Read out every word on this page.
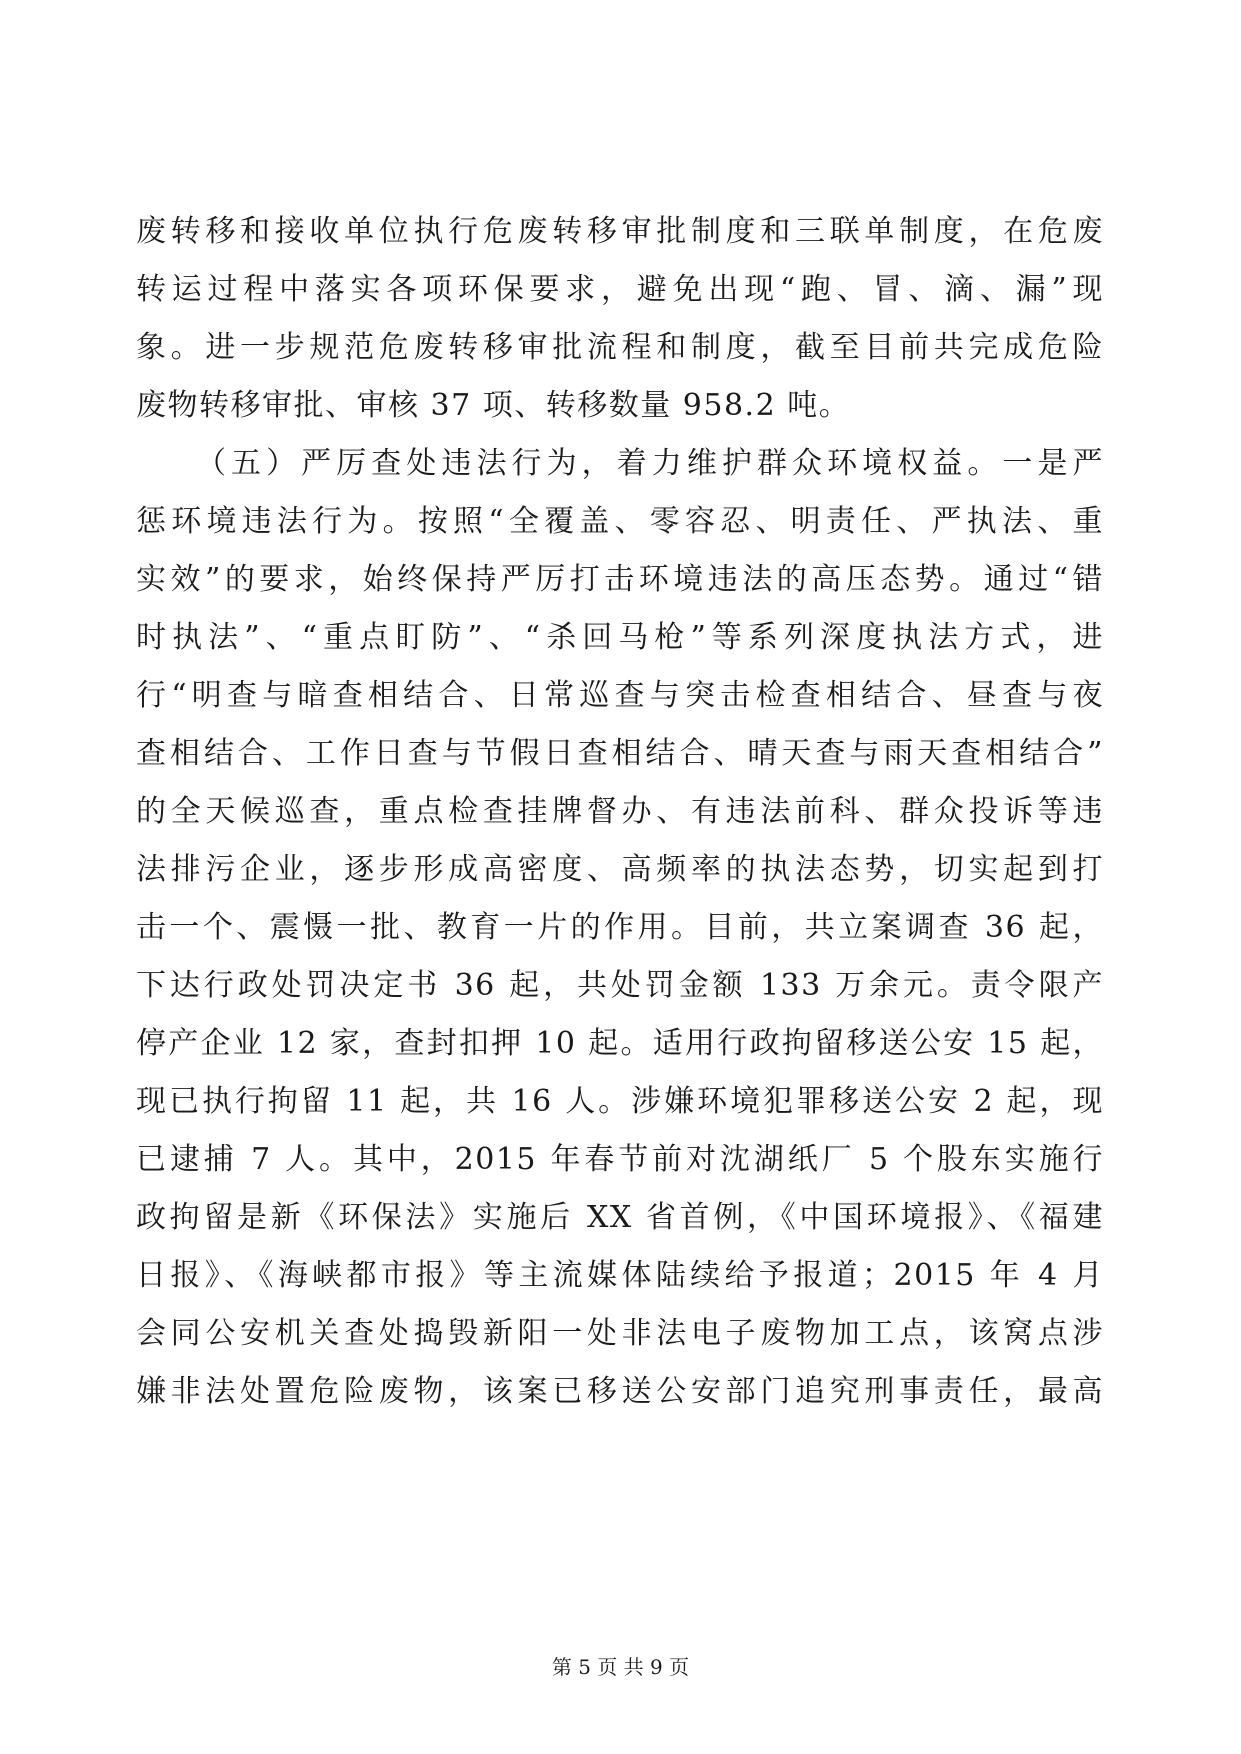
废转移和接收单位执行危废转移审批制度和三联单制度，在危废
转运过程中落实各项环保要求，避免出现“跑、冒、滴、漏”现
象。进一步规范危废转移审批流程和制度，截至目前共完成危险
废物转移审批、审核 37 项、转移数量 958.2 吨。
（五）严厉查处违法行为，着力维护群众环境权益。一是严
惩环境违法行为。按照“全覆盖、零容忍、明责任、严执法、重
实效”的要求，始终保持严厉打击环境违法的高压态势。通过“错
时执法”、“重点盯防”、“杀回马枪”等系列深度执法方式，进
行“明查与暗查相结合、日常巡查与突击检查相结合、昼查与夜
查相结合、工作日查与节假日查相结合、晴天查与雨天查相结合”
的全天候巡查，重点检查挂牌督办、有违法前科、群众投诉等违
法排污企业，逐步形成高密度、高频率的执法态势，切实起到打
击一个、震慑一批、教育一片的作用。目前，共立案调查 36 起，
下达行政处罚决定书 36 起，共处罚金额 133 万余元。责令限产
停产企业 12 家，查封扣押 10 起。适用行政拘留移送公安 15 起，
现已执行拘留 11 起，共 16 人。涉嫌环境犯罪移送公安 2 起，现
已逮捕 7 人。其中，2015 年春节前对沈湖纸厂 5 个股东实施行
政拘留是新《环保法》实施后 XX 省首例，《中国环境报》、《福建
日报》、《海峡都市报》等主流媒体陆续给予报道；2015 年 4 月
会同公安机关查处捣毁新阳一处非法电子废物加工点，该窝点涉
嫌非法处置危险废物，该案已移送公安部门追究刑事责任，最高
第 5 页 共 9 页
